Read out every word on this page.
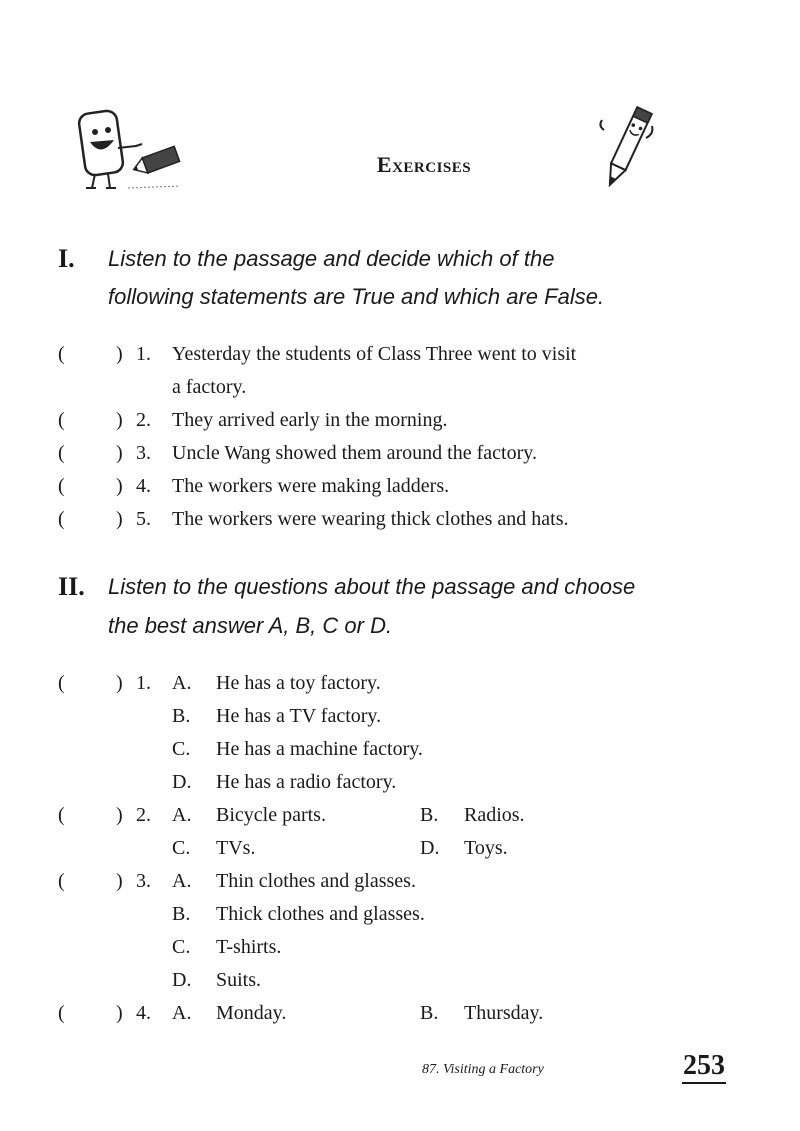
Exercises
I. Listen to the passage and decide which of the
following statements are True and which are False.
(	) 1. Yesterday the students of Class Three went to visit
a factory.
(	) 2. They arrived early in the morning.
(	) 3. Uncle Wang showed them around the factory.
(	) 4. The workers were making ladders.
(	) 5. The workers were wearing thick clothes and hats.
II. Listen to the questions about the passage and choose
the best answer A, B, C or D.
(	) 1. A. He has a toy factory.
B. He has a TV factory.
C. He has a machine factory.
D. He has a radio factory.
(	) 2. A. Bicycle parts.	B. Radios.
C. TVs.	D. Toys.
(	) 3. A. Thin clothes and glasses.
B. Thick clothes and glasses.
C. T-shirts.
D. Suits.
(	) 4. A. Monday.	B. Thursday.
87. Visiting a Factory	253
